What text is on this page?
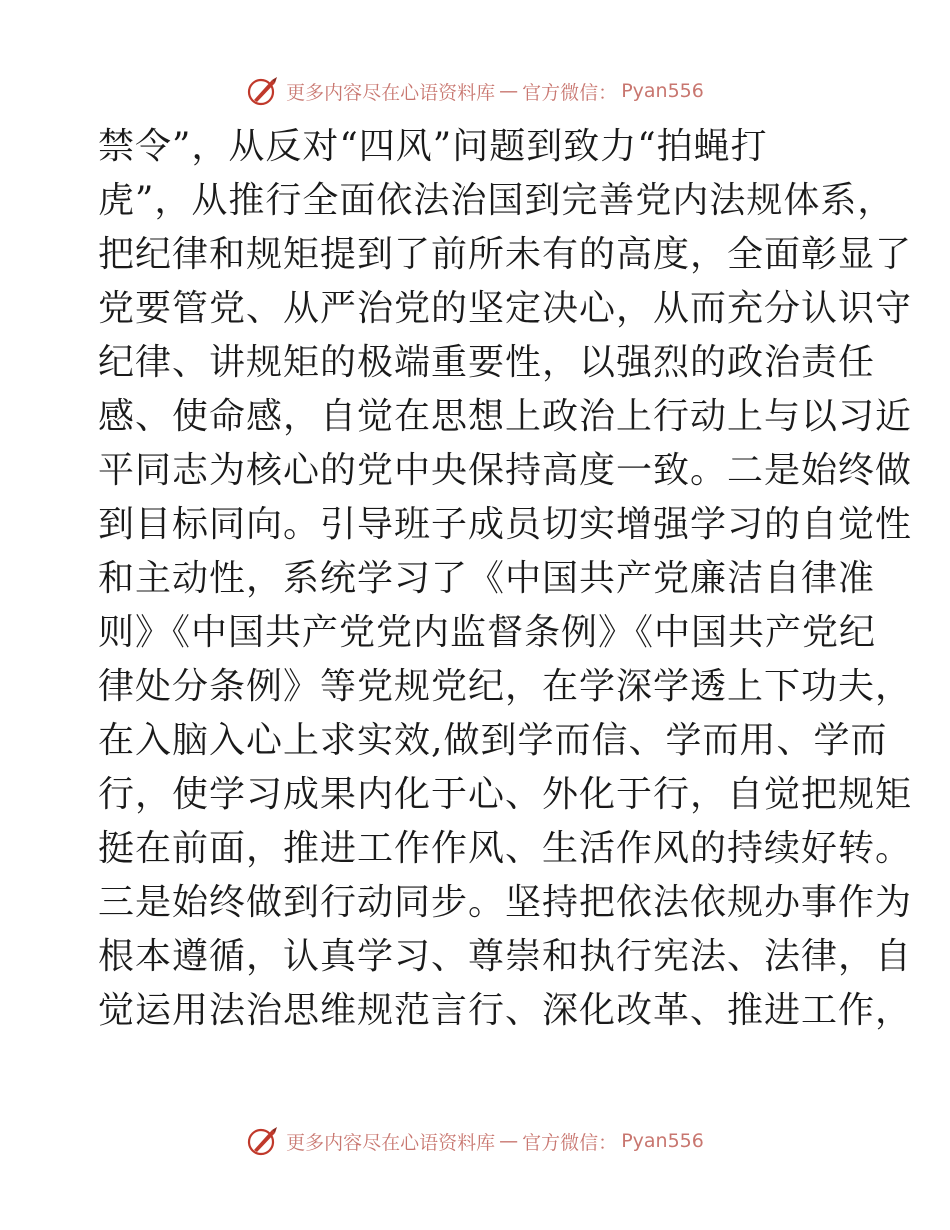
更多内容尽在心语资料库 — 官方微信： Pyan556

禁令”，从反对“四风”问题到致力“拍蝇打

虎”，从推行全面依法治国到完善党内法规体系，

把纪律和规矩提到了前所未有的高度，全面彰显了

党要管党、从严治党的坚定决心，从而充分认识守

纪律、讲规矩的极端重要性，以强烈的政治责任

感、使命感，自觉在思想上政治上行动上与以习近

平同志为核心的党中央保持高度一致。二是始终做

到目标同向。引导班子成员切实增强学习的自觉性

和主动性，系统学习了《中国共产党廉洁自律准

则》《中国共产党党内监督条例》《中国共产党纪

律处分条例》等党规党纪，在学深学透上下功夫，

在入脑入心上求实效,做到学而信、学而用、学而

行，使学习成果内化于心、外化于行，自觉把规矩

挺在前面，推进工作作风、生活作风的持续好转。

三是始终做到行动同步。坚持把依法依规办事作为

根本遵循，认真学习、尊崇和执行宪法、法律，自

觉运用法治思维规范言行、深化改革、推进工作，

更多内容尽在心语资料库 — 官方微信： Pyan556
